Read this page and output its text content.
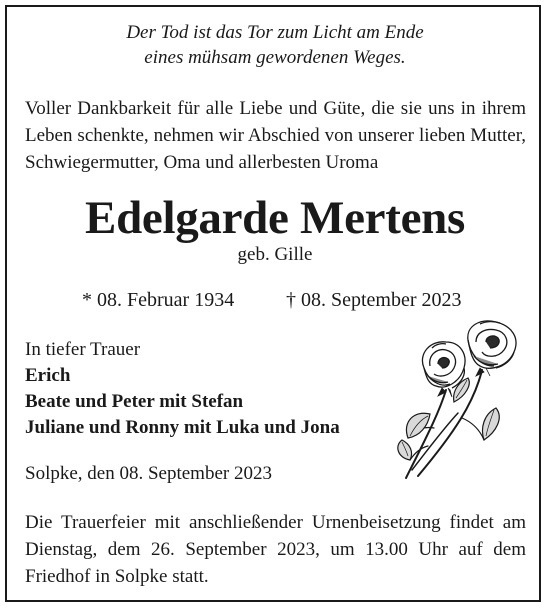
Der Tod ist das Tor zum Licht am Ende
eines mühsam gewordenen Weges.
Voller Dankbarkeit für alle Liebe und Güte, die sie uns in ihrem Leben schenkte, nehmen wir Abschied von unserer lieben Mutter, Schwiegermutter, Oma und allerbesten Uroma
Edelgarde Mertens
geb. Gille
* 08. Februar 1934	† 08. September 2023
In tiefer Trauer
Erich
Beate und Peter mit Stefan
Juliane und Ronny mit Luka und Jona
Solpke, den 08. September 2023
Die Trauerfeier mit anschließender Urnenbeisetzung findet am Dienstag, dem 26. September 2023, um 13.00 Uhr auf dem Friedhof in Solpke statt.
